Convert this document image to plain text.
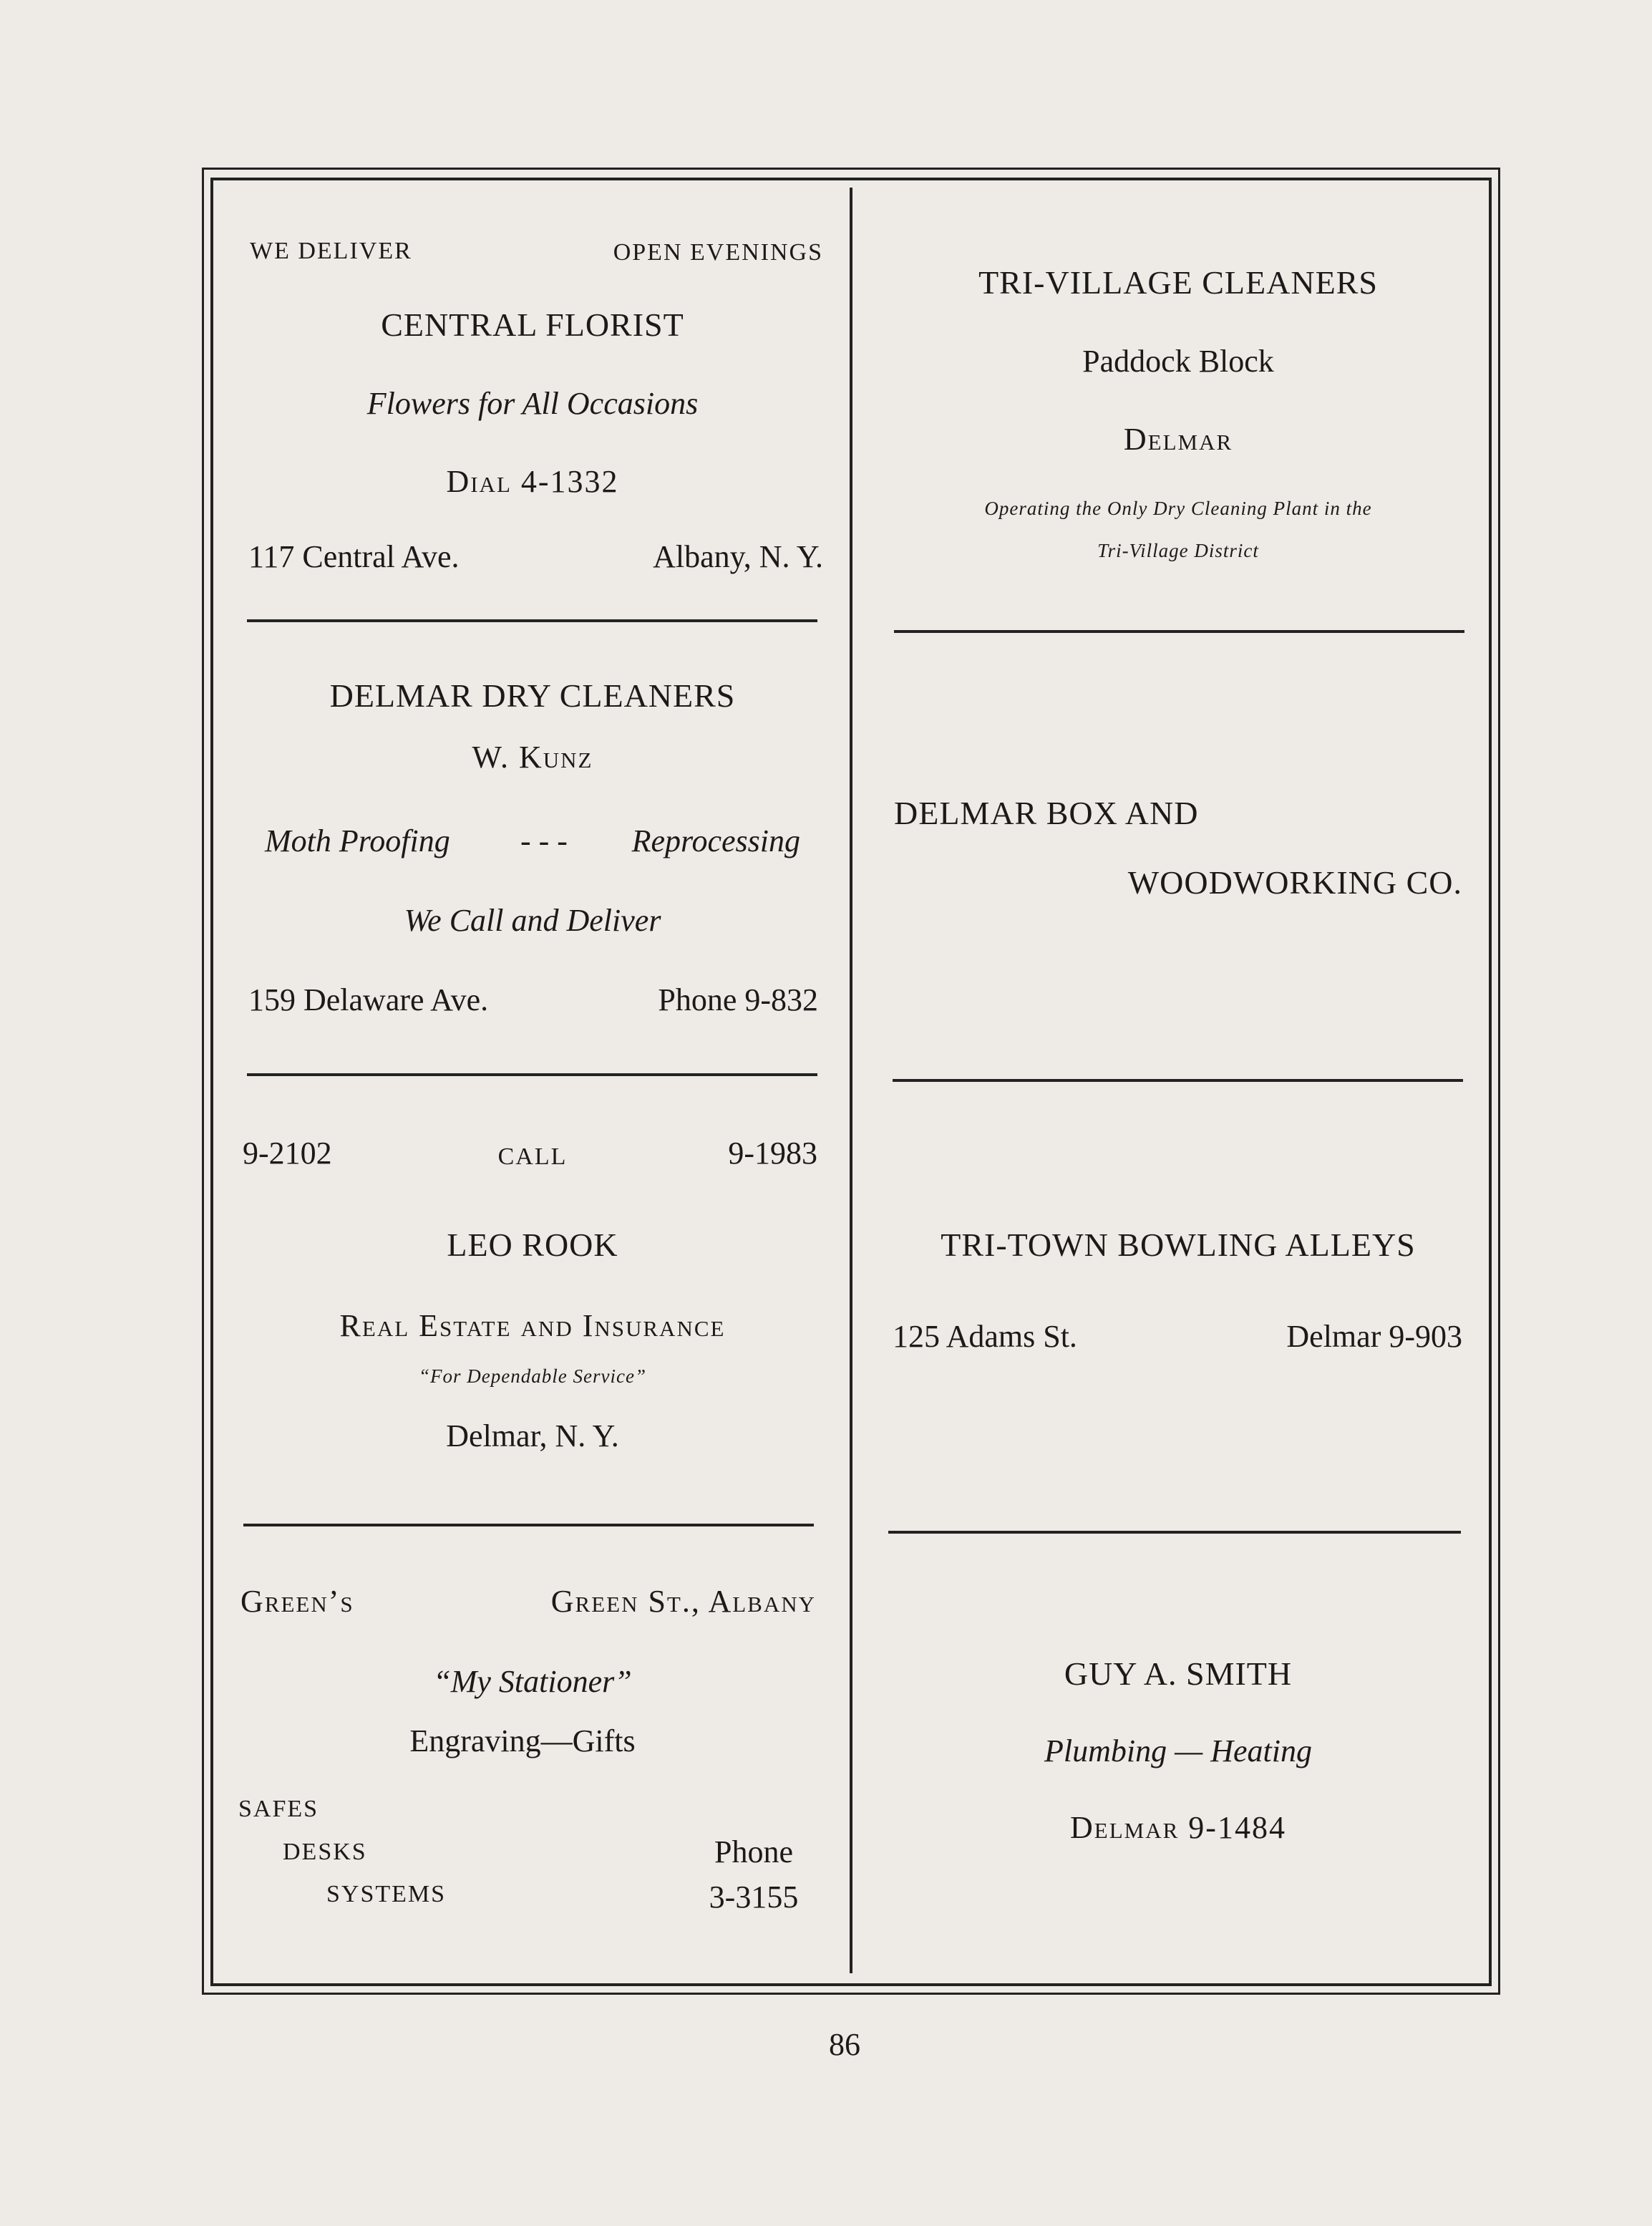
WE DELIVER	OPEN EVENINGS
CENTRAL FLORIST
Flowers for All Occasions
Dial 4-1332
117 Central Ave.	Albany, N. Y.
DELMAR DRY CLEANERS
W. Kunz
Moth Proofing - - -	Reprocessing
We Call and Deliver
159 Delaware Ave.	Phone 9-832
9-2102	CALL	9-1983
LEO ROOK
Real Estate and Insurance
“For Dependable Service”
Delmar, N. Y.
Green’s	Green St., Albany
“My Stationer”
Engraving—Gifts
SAFES
DESKS
SYSTEMS
Phone
3-3155
TRI-VILLAGE CLEANERS
Paddock Block
Delmar
Operating the Only Dry Cleaning Plant in the
Tri-Village District
DELMAR BOX AND
WOODWORKING CO.
TRI-TOWN BOWLING ALLEYS
125 Adams St.	Delmar 9-903
GUY A. SMITH
Plumbing — Heating
Delmar 9-1484
86
